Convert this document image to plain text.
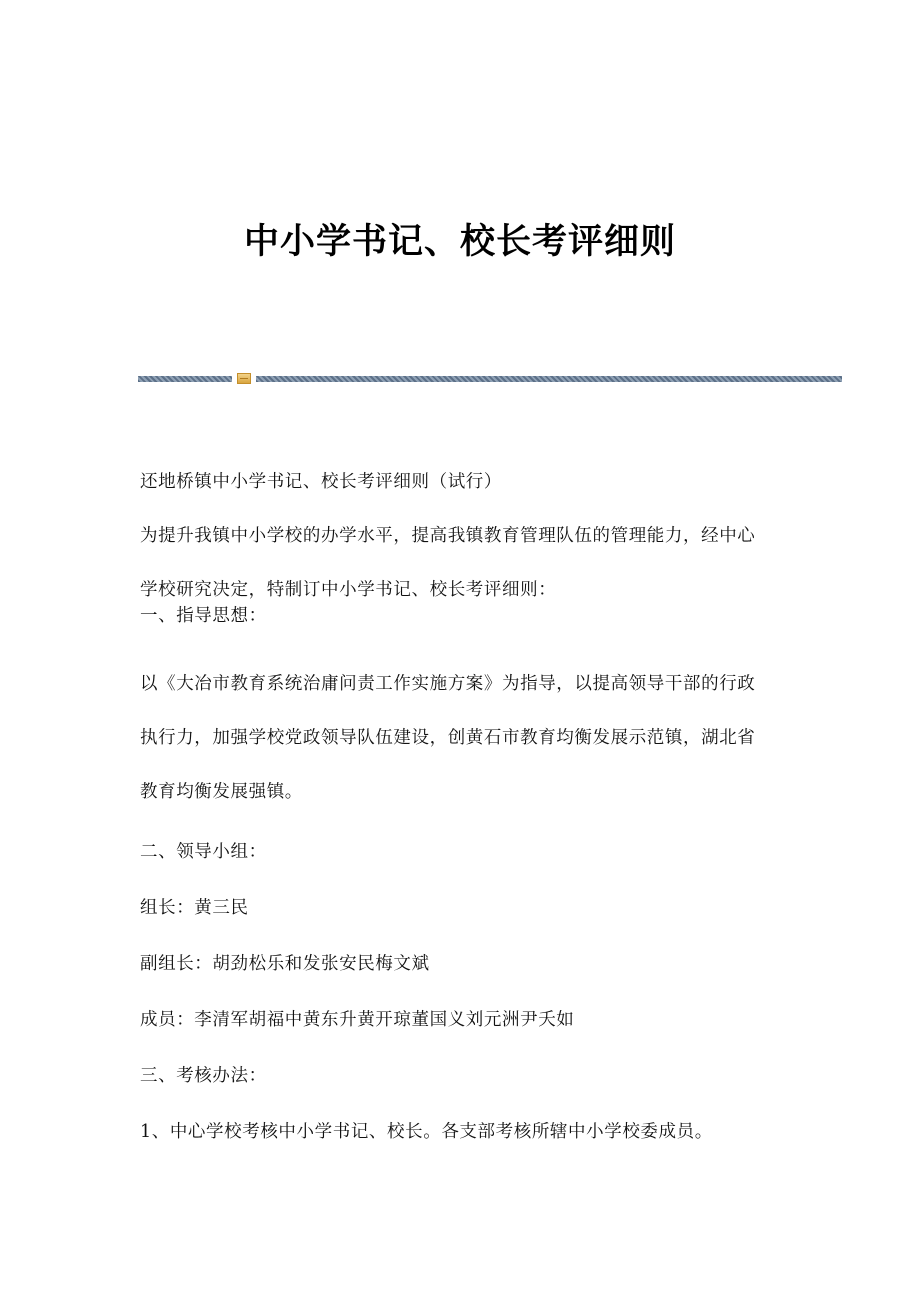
中小学书记、校长考评细则

还地桥镇中小学书记、校长考评细则（试行）

为提升我镇中小学校的办学水平，提高我镇教育管理队伍的管理能力，经中心学校研究决定，特制订中小学书记、校长考评细则：

一、指导思想：

以《大冶市教育系统治庸问责工作实施方案》为指导，以提高领导干部的行政执行力，加强学校党政领导队伍建设，创黄石市教育均衡发展示范镇，湖北省教育均衡发展强镇。

二、领导小组：

组长：黄三民

副组长：胡劲松乐和发张安民梅文斌

成员：李清军胡福中黄东升黄开琼董国义刘元洲尹夭如

三、考核办法：

1、中心学校考核中小学书记、校长。各支部考核所辖中小学校委成员。
